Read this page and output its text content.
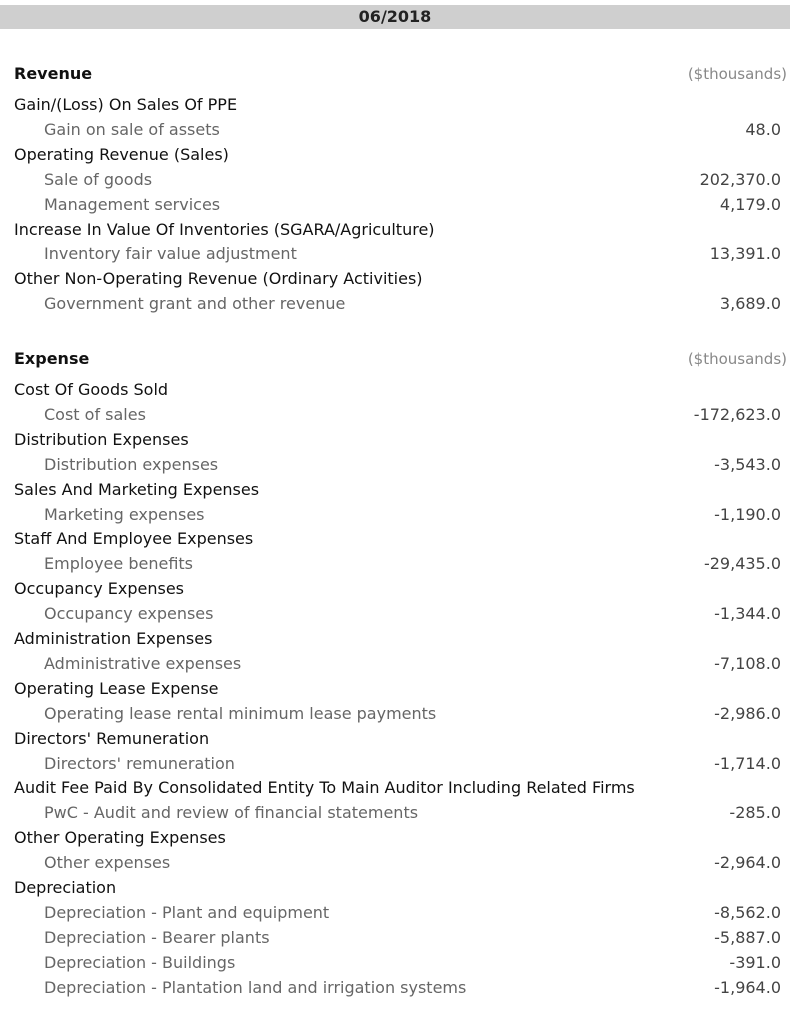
06/2018
Revenue	($thousands)
Gain/(Loss) On Sales Of PPE
Gain on sale of assets	48.0
Operating Revenue (Sales)
Sale of goods	202,370.0
Management services	4,179.0
Increase In Value Of Inventories (SGARA/Agriculture)
Inventory fair value adjustment	13,391.0
Other Non-Operating Revenue (Ordinary Activities)
Government grant and other revenue	3,689.0
Expense	($thousands)
Cost Of Goods Sold
Cost of sales	-172,623.0
Distribution Expenses
Distribution expenses	-3,543.0
Sales And Marketing Expenses
Marketing expenses	-1,190.0
Staff And Employee Expenses
Employee benefits	-29,435.0
Occupancy Expenses
Occupancy expenses	-1,344.0
Administration Expenses
Administrative expenses	-7,108.0
Operating Lease Expense
Operating lease rental minimum lease payments	-2,986.0
Directors' Remuneration
Directors' remuneration	-1,714.0
Audit Fee Paid By Consolidated Entity To Main Auditor Including Related Firms
PwC - Audit and review of financial statements	-285.0
Other Operating Expenses
Other expenses	-2,964.0
Depreciation
Depreciation - Plant and equipment	-8,562.0
Depreciation - Bearer plants	-5,887.0
Depreciation - Buildings	-391.0
Depreciation - Plantation land and irrigation systems	-1,964.0
